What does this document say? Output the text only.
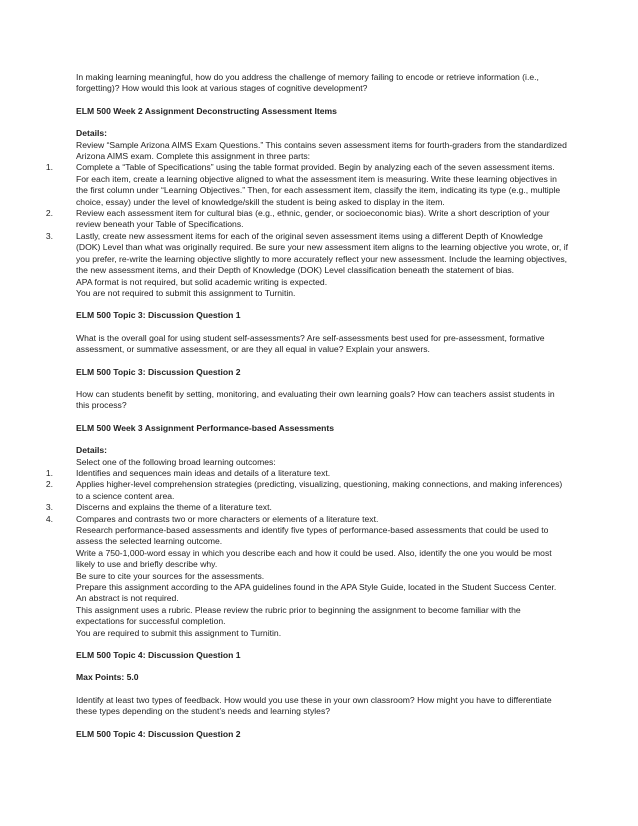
In making learning meaningful, how do you address the challenge of memory failing to encode or retrieve information (i.e., forgetting)? How would this look at various stages of cognitive development?

ELM 500 Week 2 Assignment Deconstructing Assessment Items

Details:

Review “Sample Arizona AIMS Exam Questions.” This contains seven assessment items for fourth-graders from the standardized Arizona AIMS exam. Complete this assignment in three parts:

1.	Complete a “Table of Specifications” using the table format provided. Begin by analyzing each of the seven assessment items. For each item, create a learning objective aligned to what the assessment item is measuring. Write these learning objectives in the first column under “Learning Objectives.” Then, for each assessment item, classify the item, indicating its type (e.g., multiple choice, essay) under the level of knowledge/skill the student is being asked to display in the item.
2.	Review each assessment item for cultural bias (e.g., ethnic, gender, or socioeconomic bias). Write a short description of your review beneath your Table of Specifications.
3.	Lastly, create new assessment items for each of the original seven assessment items using a different Depth of Knowledge (DOK) Level than what was originally required. Be sure your new assessment item aligns to the learning objective you wrote, or, if you prefer, re-write the learning objective slightly to more accurately reflect your new assessment. Include the learning objectives, the new assessment items, and their Depth of Knowledge (DOK) Level classification beneath the statement of bias.

APA format is not required, but solid academic writing is expected.

You are not required to submit this assignment to Turnitin.

ELM 500 Topic 3: Discussion Question 1

What is the overall goal for using student self-assessments? Are self-assessments best used for pre-assessment, formative assessment, or summative assessment, or are they all equal in value? Explain your answers.

ELM 500 Topic 3: Discussion Question 2

How can students benefit by setting, monitoring, and evaluating their own learning goals? How can teachers assist students in this process?

ELM 500 Week 3 Assignment Performance-based Assessments

Details:

Select one of the following broad learning outcomes:

1.	Identifies and sequences main ideas and details of a literature text.
2.	Applies higher-level comprehension strategies (predicting, visualizing, questioning, making connections, and making inferences) to a science content area.
3.	Discerns and explains the theme of a literature text.
4.	Compares and contrasts two or more characters or elements of a literature text.

Research performance-based assessments and identify five types of performance-based assessments that could be used to assess the selected learning outcome.

Write a 750-1,000-word essay in which you describe each and how it could be used. Also, identify the one you would be most likely to use and briefly describe why.

Be sure to cite your sources for the assessments.

Prepare this assignment according to the APA guidelines found in the APA Style Guide, located in the Student Success Center. An abstract is not required.

This assignment uses a rubric. Please review the rubric prior to beginning the assignment to become familiar with the expectations for successful completion.

You are required to submit this assignment to Turnitin.

ELM 500 Topic 4: Discussion Question 1

Max Points: 5.0

Identify at least two types of feedback. How would you use these in your own classroom? How might you have to differentiate these types depending on the student’s needs and learning styles?

ELM 500 Topic 4: Discussion Question 2
